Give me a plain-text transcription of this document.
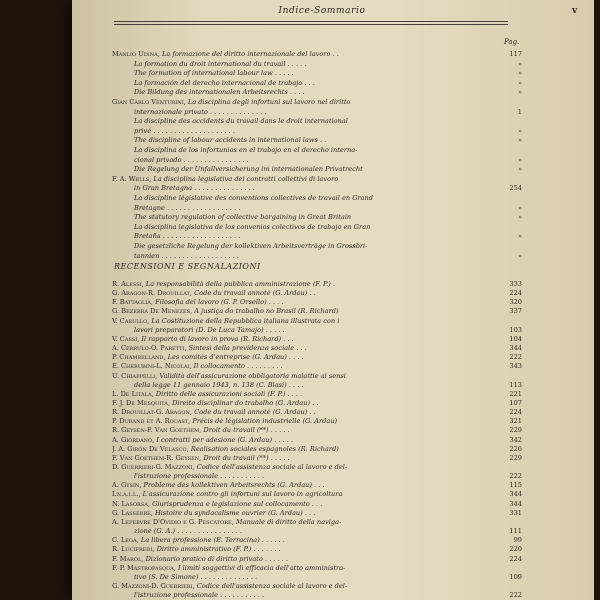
Indice-Sommario	v
Pag.
RECENSIONI E SEGNALAZIONI
Manlio Udina, La formazione del diritto internazionale del lavoro . .	117
La formation du droit international du travail . . . . .	»
The formation of international labour law . . . . .	»
La formación del derecho internacional de trabajo . . .	»
Die Bildung des internationalen Arbeitsrechts . . . .	»
Gian Carlo Venturini, La disciplina degli infortuni sul lavoro nel diritto
internazionale privato . . . . . . . . . . . . . .	1
La discipline des accidents du travail dans le droit international
privé . . . . . . . . . . . . . . . . . . . .	»
The discipline of labour accidents in international laws . .	»
La disciplina de los infortunios en el trabajo en el derecho interna-
cional privado . . . . . . . . . . . . . . . .	»
Die Regelung der Unfallversicherung im internationalen Privatrecht	»
F. A. Wells, La disciplina legislativa dei contratti collettivi di lavoro
in Gran Bretagna . . . . . . . . . . . . . . .	254
La discipline législative des conventions collectives de travail en Grand
Bretagne . . . . . . . . . . . . . . . . . .	»
The statutory regulation of collective bargaining in Great Britain	»
La disciplina legislativa de los convenios colectivos de trabajo en Gran
Bretaña . . . . . . . . . . . . . . . . . . .	»
Die gesetzliche Regelung der kollektiven Arbeitsverträge in Grossbri-
tannien . . . . . . . . . . . . . . . . . . .	»
R. Alessi, La responsabilità della pubblica amministrazione (F. P.) .	333
G. Aragon-R. Drouillat, Code du travail annoté (G. Ardau) . .	224
F. Battaglia, Filosofia del lavoro (G. P. Orsello) . . . .	320
G. Bezerra De Menezes, A justiça do trabalho no Brasil (R. Richard)	337
V. Carullo, La Costituzione della Repubblica italiana illustrata con i
lavori preparatori (D. De Luca Tamajo) . . . . .	103
V. Cassì, Il rapporto di lavoro in prova (R. Richard) . . .	104
A. Cerrulo-O. Paretti, Sintesi della previdenza sociale . . .	344
P. Chambelland, Les comités d'entreprise (G. Ardau) . . . .	222
E. Cherubini-L. Nicolai, Il collocamento . . . . . . . . .	343
U. Chiappelli, Validità dell'assicurazione obbligatoria malattie ai sensi
della legge 11 gennaio 1943, n. 138 (C. Blasi) . . . .	113
L. De Litala, Diritto delle assicurazioni sociali (F. P.) . . . .	221
F. J. De Mesquita, Direito disciplinar do trabalho (G. Ardau) . .	107
R. Drouillat-G. Aragon, Code du travail annoté (G. Ardau) . .	224
P. Durand et A. Rouast, Précis de législation industrielle (G. Ardau)	321
R. Geysen-F. Van Goethem, Droit du travail (**) . . . . .	229
A. Giordano, I contratti per adesione (G. Ardau) . . . . .	342
J. A. Girón De Velasco, Realisation sociales espagnoles (R. Richard)	226
F. Van Goethem-R. Geysen, Droit du travail (**) . . . . .	229
D. Guerrieri-G. Mazzoni, Codice dell'assistenza sociale al lavoro e del-
l'istruzione professionale . . . . . . . . . . .	222
A. Gysin, Probleme des kollektiven Arbeitsrechts (G. Ardau) . . .	115
I.n.a.i.l., L'assicurazione contro gli infortuni sul lavoro in agricoltura	344
N. Lasorsa, Giurisprudenza e legislazione sul collocamento . . .	344
G. Lasserre, Histoire du syndacalisme ouvrier (G. Ardau) . . .	331
A. Lefebvre D'Ovidio e G. Pescatore, Manuale di diritto della naviga-
zione (G. A.) . . . . . . . . . . . . . . . .	111
C. Lega, La libera professione (E. Terracina) . . . . . .	99
R. Lucifredi, Diritto amministrativo (F. P.) . . . . . . .	220
F. Marol, Dizionario pratico di diritto privato . . . . . .	224
F. P. Mastropasqua, I limiti soggettivi di efficacia dell'atto amministra-
tivo (S. De Simone) . . . . . . . . . . . . . .	109
G. Mazzoni-D. Guerrieri, Codice dell'assistenza sociale al lavoro e del-
l'istruzione professionale . . . . . . . . . . .	222
